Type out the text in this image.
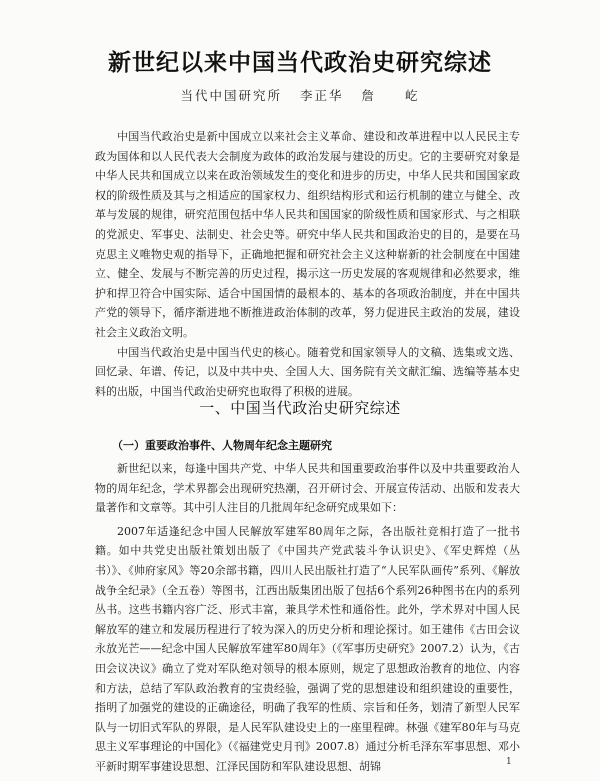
新世纪以来中国当代政治史研究综述
当代中国研究所 李正华 詹　　屹

中国当代政治史是新中国成立以来社会主义革命、建设和改革进程中以人民民主专政为国体和以人民代表大会制度为政体的政治发展与建设的历史。它的主要研究对象是中华人民共和国成立以来在政治领域发生的变化和进步的历史，中华人民共和国国家政权的阶级性质及其与之相适应的国家权力、组织结构形式和运行机制的建立与健全、改革与发展的规律，研究范围包括中华人民共和国国家的阶级性质和国家形式、与之相联的党派史、军事史、法制史、社会史等。研究中华人民共和国政治史的目的，是要在马克思主义唯物史观的指导下，正确地把握和研究社会主义这种崭新的社会制度在中国建立、健全、发展与不断完善的历史过程，揭示这一历史发展的客观规律和必然要求，维护和捍卫符合中国实际、适合中国国情的最根本的、基本的各项政治制度，并在中国共产党的领导下，循序渐进地不断推进政治体制的改革，努力促进民主政治的发展，建设社会主义政治文明。

中国当代政治史是中国当代史的核心。随着党和国家领导人的文稿、选集或文选、回忆录、年谱、传记，以及中共中央、全国人大、国务院有关文献汇编、选编等基本史料的出版，中国当代政治史研究也取得了积极的进展。

一、中国当代政治史研究综述
（一）重要政治事件、人物周年纪念主题研究

新世纪以来，每逢中国共产党、中华人民共和国重要政治事件以及中共重要政治人物的周年纪念，学术界都会出现研究热潮，召开研讨会、开展宣传活动、出版和发表大量著作和文章等。其中引人注目的几批周年纪念研究成果如下：

2007年适逢纪念中国人民解放军建军80周年之际，各出版社竞相打造了一批书籍。如中共党史出版社策划出版了《中国共产党武装斗争认识史》、《军史辉煌（丛书）》、《帅府家风》等20余部书籍，四川人民出版社打造了“人民军队画传”系列、《解放战争全纪录》（全五卷）等图书，江西出版集团出版了包括6个系列26种图书在内的系列丛书。这些书籍内容广泛、形式丰富，兼具学术性和通俗性。此外，学术界对中国人民解放军的建立和发展历程进行了较为深入的历史分析和理论探讨。如王建伟《古田会议永放光芒——纪念中国人民解放军建军80周年》（《军事历史研究》2007.2）认为，《古田会议决议》确立了党对军队绝对领导的根本原则，规定了思想政治教育的地位、内容和方法，总结了军队政治教育的宝贵经验，强调了党的思想建设和组织建设的重要性，指明了加强党的建设的正确途径，明确了我军的性质、宗旨和任务，划清了新型人民军队与一切旧式军队的界限，是人民军队建设史上的一座里程碑。林强《建军80年与马克思主义军事理论的中国化》（《福建党史月刊》2007.8）通过分析毛泽东军事思想、邓小平新时期军事建设思想、江泽民国防和军队建设思想、胡锦	1
